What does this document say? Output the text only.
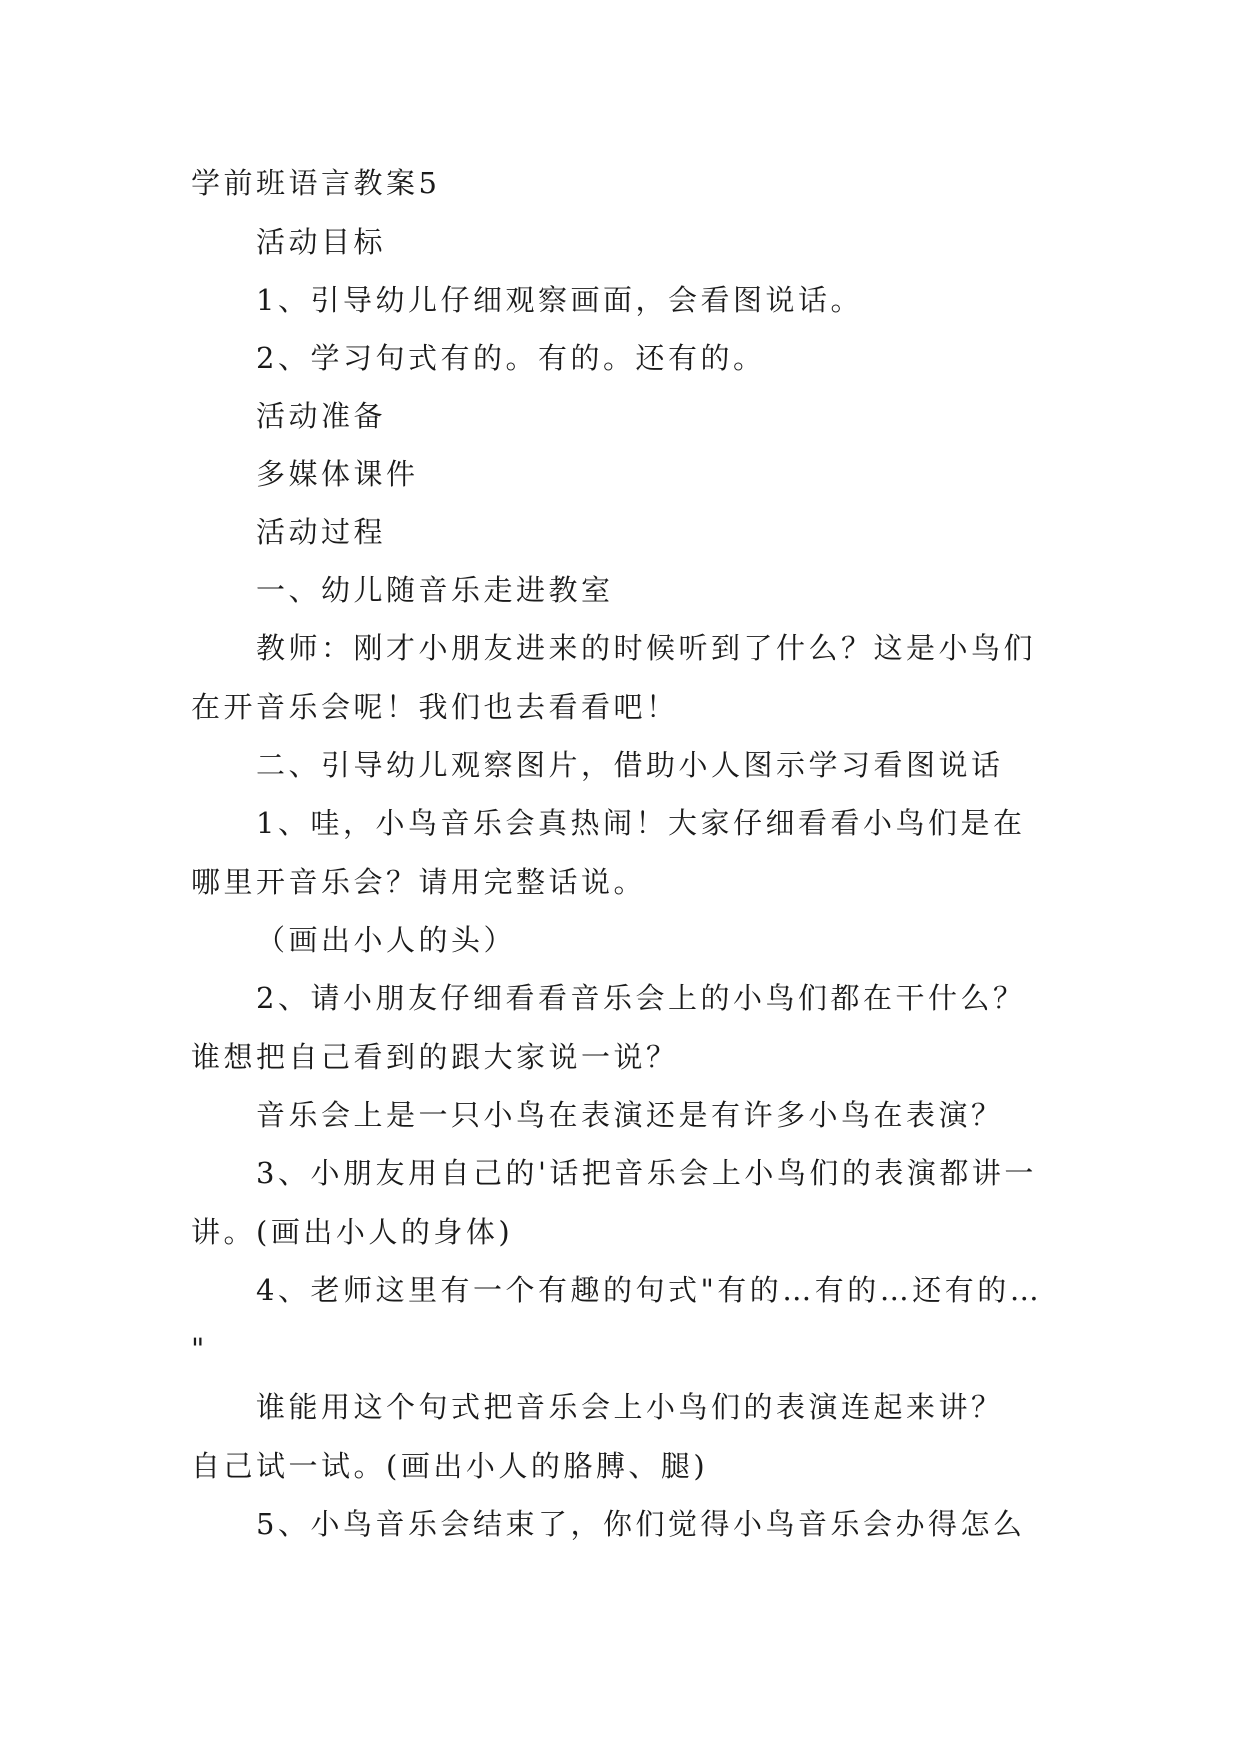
学前班语言教案5
活动目标
1、引导幼儿仔细观察画面，会看图说话。
2、学习句式有的。有的。还有的。
活动准备
多媒体课件
活动过程
一、幼儿随音乐走进教室
教师：刚才小朋友进来的时候听到了什么？这是小鸟们
在开音乐会呢！我们也去看看吧！
二、引导幼儿观察图片，借助小人图示学习看图说话
1、哇，小鸟音乐会真热闹！大家仔细看看小鸟们是在
哪里开音乐会？请用完整话说。
（画出小人的头）
2、请小朋友仔细看看音乐会上的小鸟们都在干什么？
谁想把自己看到的跟大家说一说？
音乐会上是一只小鸟在表演还是有许多小鸟在表演？
3、小朋友用自己的'话把音乐会上小鸟们的表演都讲一
讲。(画出小人的身体)
4、老师这里有一个有趣的句式"有的…有的…还有的…
"
谁能用这个句式把音乐会上小鸟们的表演连起来讲？
自己试一试。(画出小人的胳膊、腿)
5、小鸟音乐会结束了，你们觉得小鸟音乐会办得怎么
